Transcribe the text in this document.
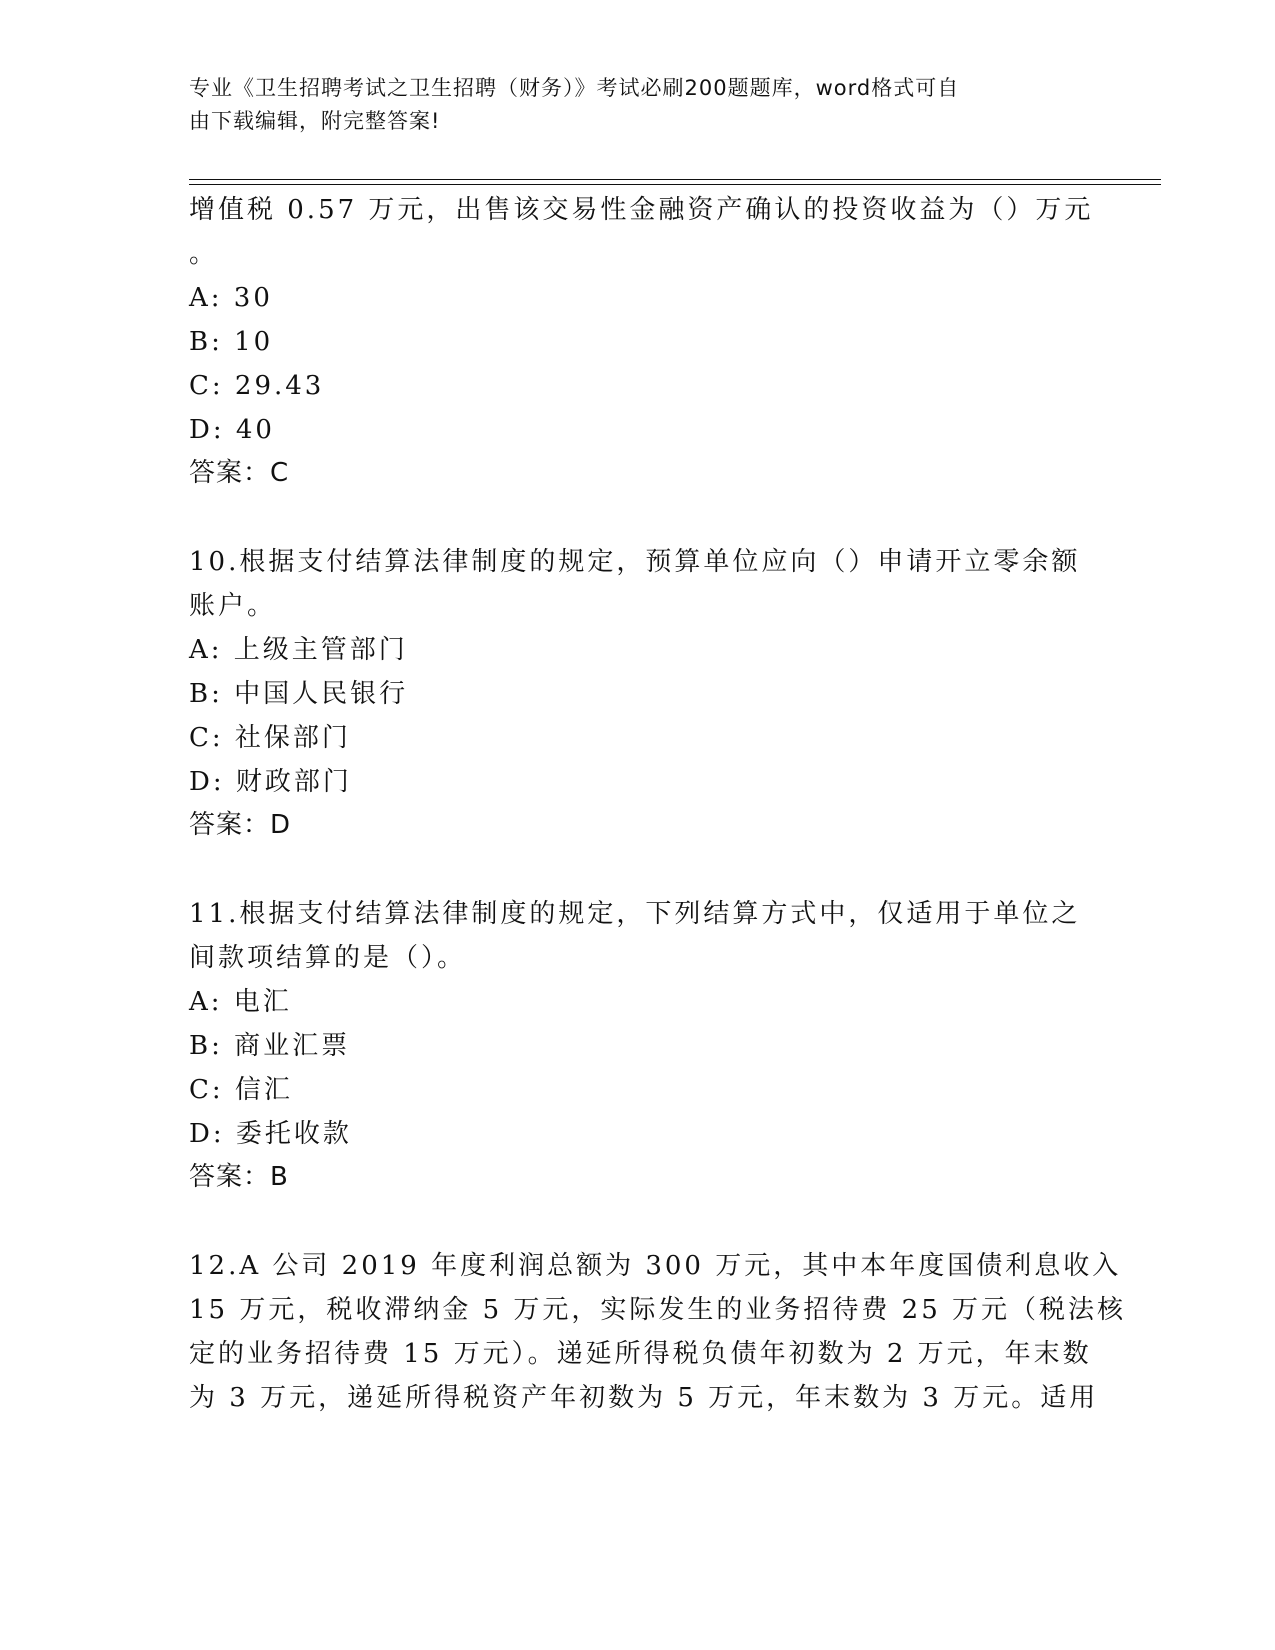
专业《卫生招聘考试之卫生招聘（财务）》考试必刷200题题库，word格式可自
由下载编辑，附完整答案!
增值税 0.57 万元，出售该交易性金融资产确认的投资收益为（）万元
。
A: 30
B: 10
C: 29.43
D: 40
答案：C
10.根据支付结算法律制度的规定，预算单位应向（）申请开立零余额
账户。
A: 上级主管部门
B: 中国人民银行
C: 社保部门
D: 财政部门
答案：D
11.根据支付结算法律制度的规定，下列结算方式中，仅适用于单位之
间款项结算的是（）。
A: 电汇
B: 商业汇票
C: 信汇
D: 委托收款
答案：B
12.A 公司 2019 年度利润总额为 300 万元，其中本年度国债利息收入
15 万元，税收滞纳金 5 万元，实际发生的业务招待费 25 万元（税法核
定的业务招待费 15 万元）。递延所得税负债年初数为 2 万元，年末数
为 3 万元，递延所得税资产年初数为 5 万元，年末数为 3 万元。适用
